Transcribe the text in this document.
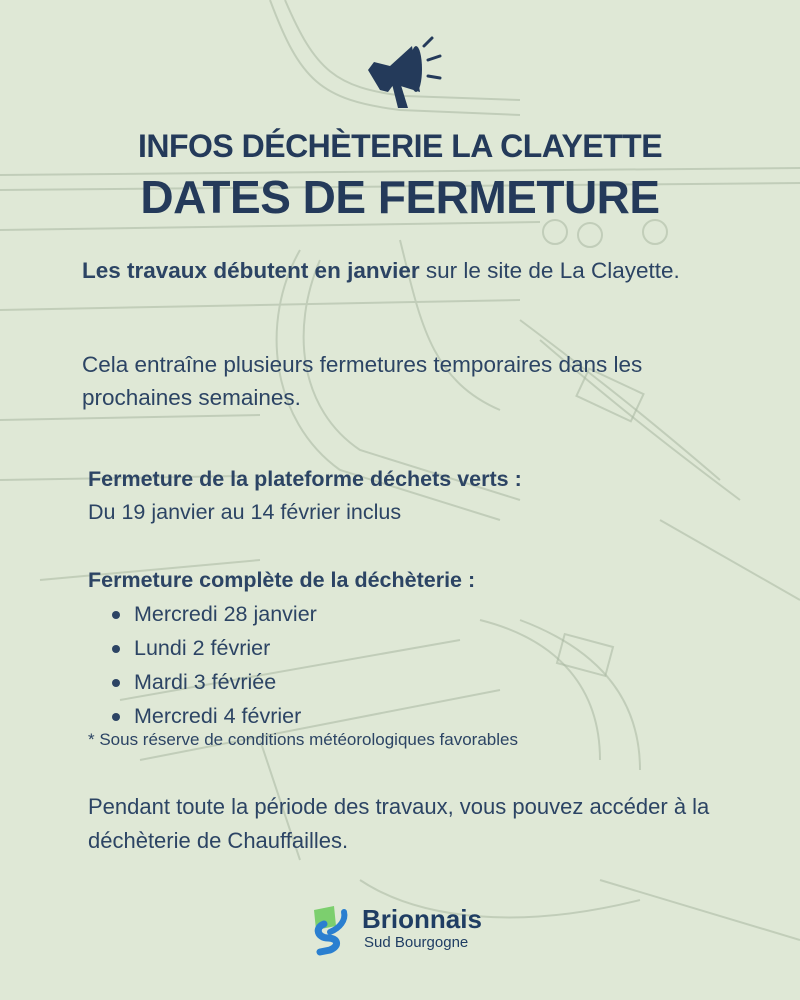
INFOS DÉCHÈTERIE LA CLAYETTE
DATES DE FERMETURE
Les travaux débutent en janvier sur le site de La Clayette.
Cela entraîne plusieurs fermetures temporaires dans les prochaines semaines.
Fermeture de la plateforme déchets verts :
Du 19 janvier au 14 février inclus
Fermeture complète de la déchèterie :
Mercredi 28 janvier
Lundi 2 février
Mardi 3 févriée
Mercredi 4 février
* Sous réserve de conditions météorologiques favorables
Pendant toute la période des travaux, vous pouvez accéder à la déchèterie de Chauffailles.
Brionnais
Sud Bourgogne
